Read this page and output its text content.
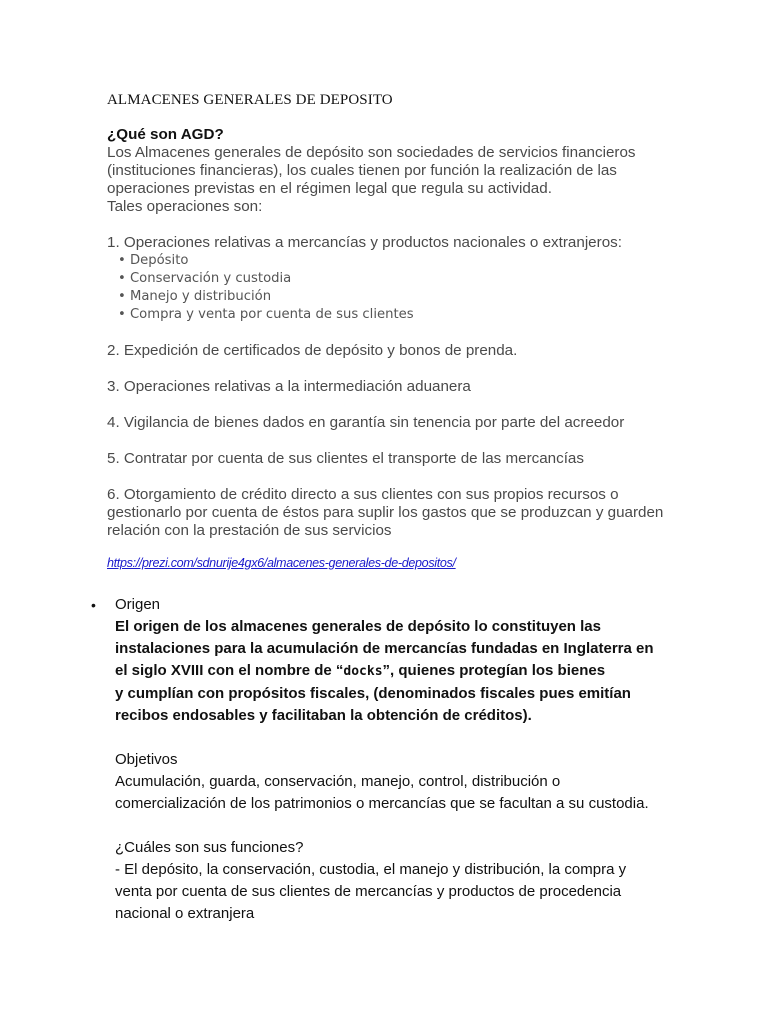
ALMACENES GENERALES DE DEPOSITO
¿Qué son AGD?
Los Almacenes generales de depósito son sociedades de servicios financieros
(instituciones financieras), los cuales tienen por función la realización de las
operaciones previstas en el régimen legal que regula su actividad.
Tales operaciones son:
1. Operaciones relativas a mercancías y productos nacionales o extranjeros:
• Depósito
• Conservación y custodia
• Manejo y distribución
• Compra y venta por cuenta de sus clientes
2. Expedición de certificados de depósito y bonos de prenda.
3. Operaciones relativas a la intermediación aduanera
4. Vigilancia de bienes dados en garantía sin tenencia por parte del acreedor
5. Contratar por cuenta de sus clientes el transporte de las mercancías
6. Otorgamiento de crédito directo a sus clientes con sus propios recursos o
gestionarlo por cuenta de éstos para suplir los gastos que se produzcan y guarden
relación con la prestación de sus servicios
https://prezi.com/sdnurije4gx6/almacenes-generales-de-depositos/
• Origen
El origen de los almacenes generales de depósito lo constituyen las
instalaciones para la acumulación de mercancías fundadas en Inglaterra en
el siglo XVIII con el nombre de “docks”, quienes protegían los bienes
y cumplían con propósitos fiscales, (denominados fiscales pues emitían
recibos endosables y facilitaban la obtención de créditos).
Objetivos
Acumulación, guarda, conservación, manejo, control, distribución o
comercialización de los patrimonios o mercancías que se facultan a su custodia.
¿Cuáles son sus funciones?
- El depósito, la conservación, custodia, el manejo y distribución, la compra y
venta por cuenta de sus clientes de mercancías y productos de procedencia
nacional o extranjera
